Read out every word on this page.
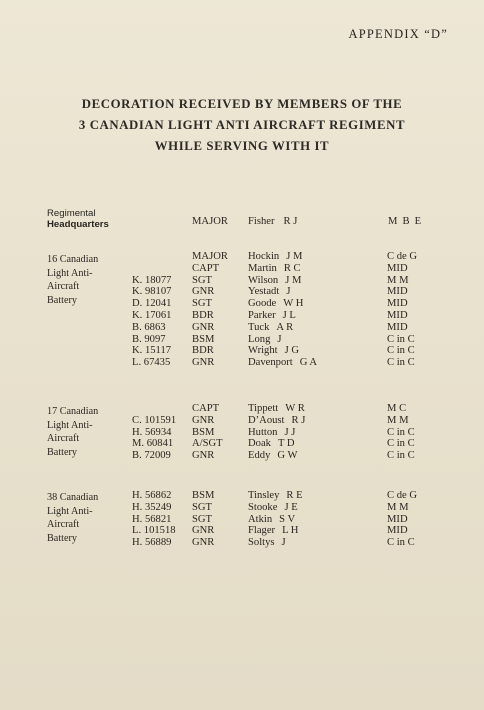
APPENDIX “D”
DECORATION RECEIVED BY MEMBERS OF THE
3 CANADIAN LIGHT ANTI AIRCRAFT REGIMENT
WHILE SERVING WITH IT
Regimental
Headquarters	MAJOR Fisher R J	M B E
16 Canadian
Light Anti-
Aircraft
Battery
MAJOR Hockin J M	C de G
CAPT	Martin R C	MID
K. 18077 SGT	Wilson J M	M M
K. 98107 GNR	Yestadt J	MID
D. 12041 SGT	Goode W H	MID
K. 17061 BDR	Parker J L	MID
B. 6863 GNR	Tuck A R	MID
B. 9097 BSM	Long J	C in C
K. 15117 BDR	Wright J G	C in C
L. 67435 GNR	Davenport G A	C in C
17 Canadian
Light Anti-
Aircraft
Battery
CAPT	Tippett W R	M C
C. 101591 GNR	D’Aoust R J	M M
H. 56934 BSM	Hutton J J	C in C
M. 60841 A/SGT Doak T D	C in C
B. 72009 GNR	Eddy G W	C in C
38 Canadian
Light Anti-
Aircraft
Battery
H. 56862 BSM	Tinsley R E	C de G
H. 35249 SGT	Stooke J E	M M
H. 56821 SGT	Atkin S V	MID
L. 101518 GNR	Flager L H	MID
H. 56889 GNR	Soltys J	C in C
